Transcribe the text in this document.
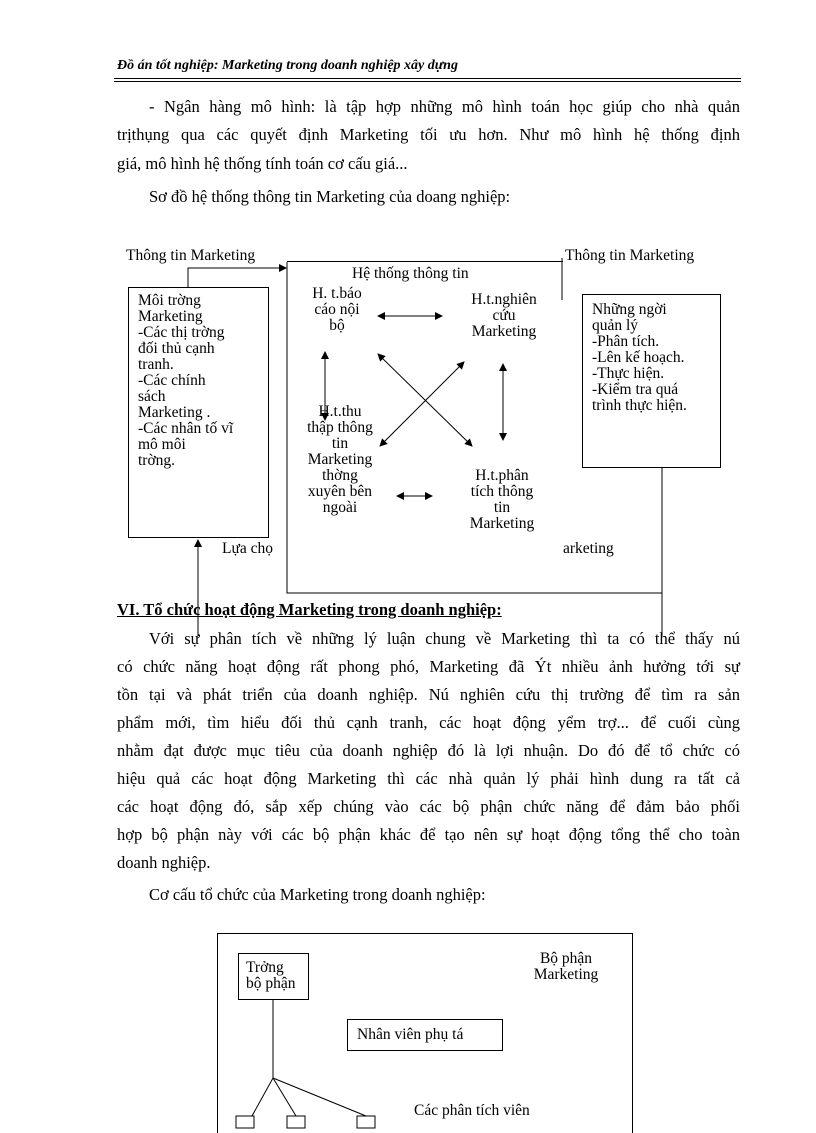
Đồ án tốt nghiệp: Marketing trong doanh nghiệp xây dựng
- Ngân hàng mô hình: là tập hợp những mô hình toán học giúp cho nhà quản
trịthụng qua các quyết định Marketing tối ưu hơn. Như mô hình hệ thống định
giá, mô hình hệ thống tính toán cơ cấu giá...
Sơ đồ hệ thống thông tin Marketing của doang nghiệp:
Thông tin Marketing	Thông tin Marketing
Hệ thống thông tin
Môi trờng
Marketing
-Các thị trờng
đối thủ cạnh
tranh.
-Các chính
sách
Marketing .
-Các nhân tố vĩ
mô môi
trờng.
Những ngời
quản lý
-Phân tích.
-Lên kế hoạch.
-Thực hiện.
-Kiểm tra quá
trình thực hiện.
H. t.báo
cáo nội
bộ
H.t.nghiên
cứu
Marketing
H.t.thu
thập thông
tin
Marketing
thờng
xuyên bên
ngoài
H.t.phân
tích thông
tin
Marketing
Lựa chọ	arketing
VI. Tổ chức hoạt động Marketing trong doanh nghiệp:
Với sự phân tích về những lý luận chung về Marketing thì ta có thể thấy nú
có chức năng hoạt động rất phong phó, Marketing đã Ýt nhiều ảnh hưởng tới sự
tồn tại và phát triển của doanh nghiệp. Nú nghiên cứu thị trường để tìm ra sản
phẩm mới, tìm hiểu đối thủ cạnh tranh, các hoạt động yểm trợ... để cuối cùng
nhằm đạt được mục tiêu của doanh nghiệp đó là lợi nhuận. Do đó để tổ chức có
hiệu quả các hoạt động Marketing thì các nhà quản lý phải hình dung ra tất cả
các hoạt động đó, sắp xếp chúng vào các bộ phận chức năng để đảm bảo phối
hợp bộ phận này với các bộ phận khác để tạo nên sự hoạt động tổng thể cho toàn
doanh nghiệp.
Cơ cấu tổ chức của Marketing trong doanh nghiệp:
Trởng
bộ phận
Bộ phận
Marketing
Nhân viên phụ tá
Các phân tích viên
